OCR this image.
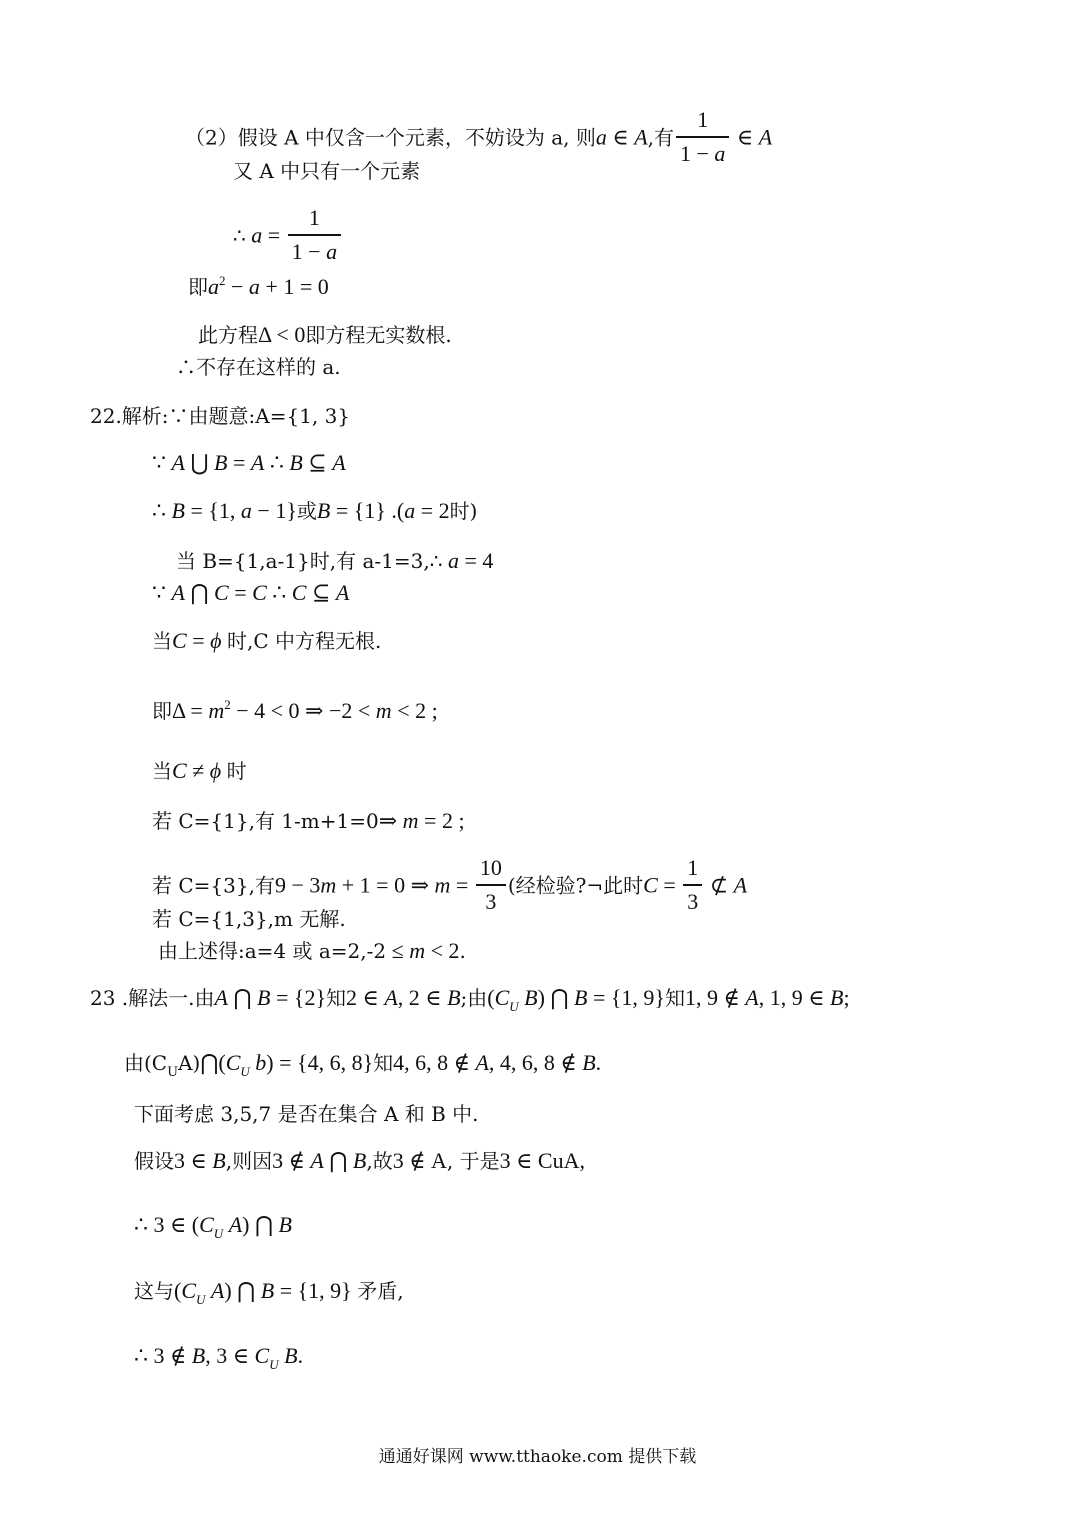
（2）假设 A 中仅含一个元素，不妨设为 a, 则a ∈ A,有 $\frac{1}{1 - a}$ ∈ A
又 A 中只有一个元素
∴ $a = \frac{1}{1 - a}$
即$a^2 - a + 1 = 0$
此方程Δ < 0即方程无实数根.
∴不存在这样的 a.
22.解析:∵由题意:A={1, 3}
∵ A ⋃ B = A ∴ B ⊆ A
∴ B = {1, a − 1}或B = {1} .(a = 2时)
当 B={1,a-1}时,有 a-1=3,∴ a = 4
∵ A ⋂ C = C ∴ C ⊆ A
当C = ϕ 时,C 中方程无根.
即$\Delta = m^2 - 4 < 0$ ⇒ −2 < m < 2 ;
当C ≠ ϕ 时
若 C={1},有 1-m+1=0⇒ m = 2 ;
若 C={3},有9 − 3m + 1 = 0 ⇒ $m = \frac{10}{3}$ (经检验?¬此时$C = \frac{1}{3}$ ⊄ A
若 C={1,3},m 无解.
由上述得:a=4 或 a=2,-2 ≤ m < 2.
23 .解法一.由A ⋂ B = {2}知2 ∈ A, 2 ∈ B;由($C_U$ B) ⋂ B = {1, 9}知1, 9 ∉ A, 1, 9 ∈ B;
由$(C_UA)⋂(C_U$ b) = {4, 6, 8}知4, 6, 8 ∉ A, 4, 6, 8 ∉ B.
下面考虑 3,5,7 是否在集合 A 和 B 中.
假设3 ∈ B,则因3 ∉ A ⋂ B,故3 ∉ A, 于是3 ∈ CuA,
∴ 3 ∈ ($C_U$ A) ⋂ B
这与($C_U$ A) ⋂ B = {1, 9} 矛盾,
∴ 3 ∉ B, 3 ∈ $C_U$ B.
通通好课网 www.tthaoke.com 提供下载
